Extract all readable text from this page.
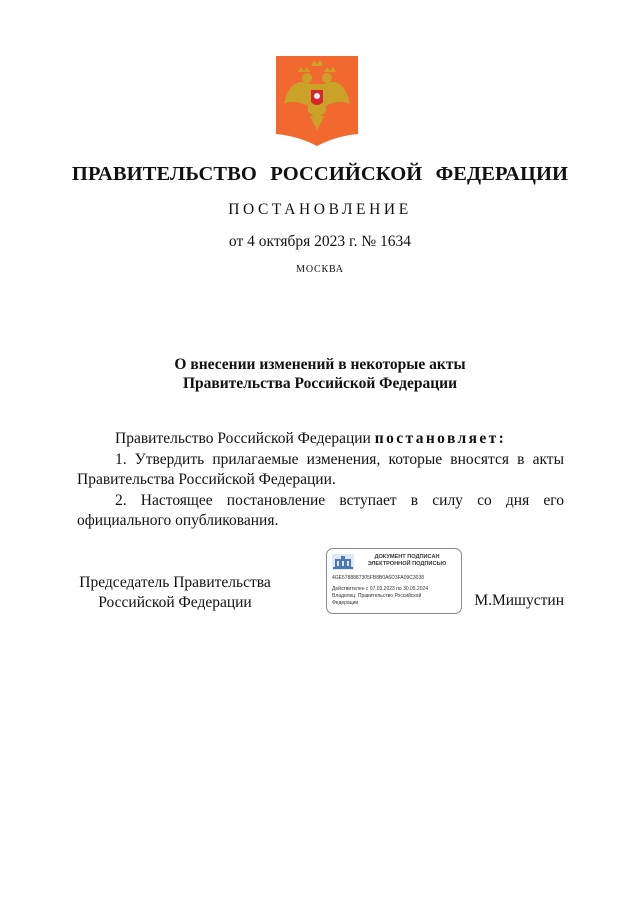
ПРАВИТЕЛЬСТВО РОССИЙСКОЙ ФЕДЕРАЦИИ
ПОСТАНОВЛЕНИЕ
от 4 октября 2023 г. № 1634
МОСКВА
О внесении изменений в некоторые акты
Правительства Российской Федерации

Правительство Российской Федерации постановляет:

1. Утвердить прилагаемые изменения, которые вносятся в акты

Правительства Российской Федерации.

2. Настоящее постановление вступает в силу со дня его

официального опубликования.

Председатель Правительства
Российской Федерации
ДОКУМЕНТ ПОДПИСАН
ЭЛЕКТРОННОЙ ПОДПИСЬЮ
4GE5788887305FB8B0A6D3FA09C3038
Действителен с 07.03.2023 по 30.05.2024
Владелец: Правительство Российской
Федерации	М.Мишустин
